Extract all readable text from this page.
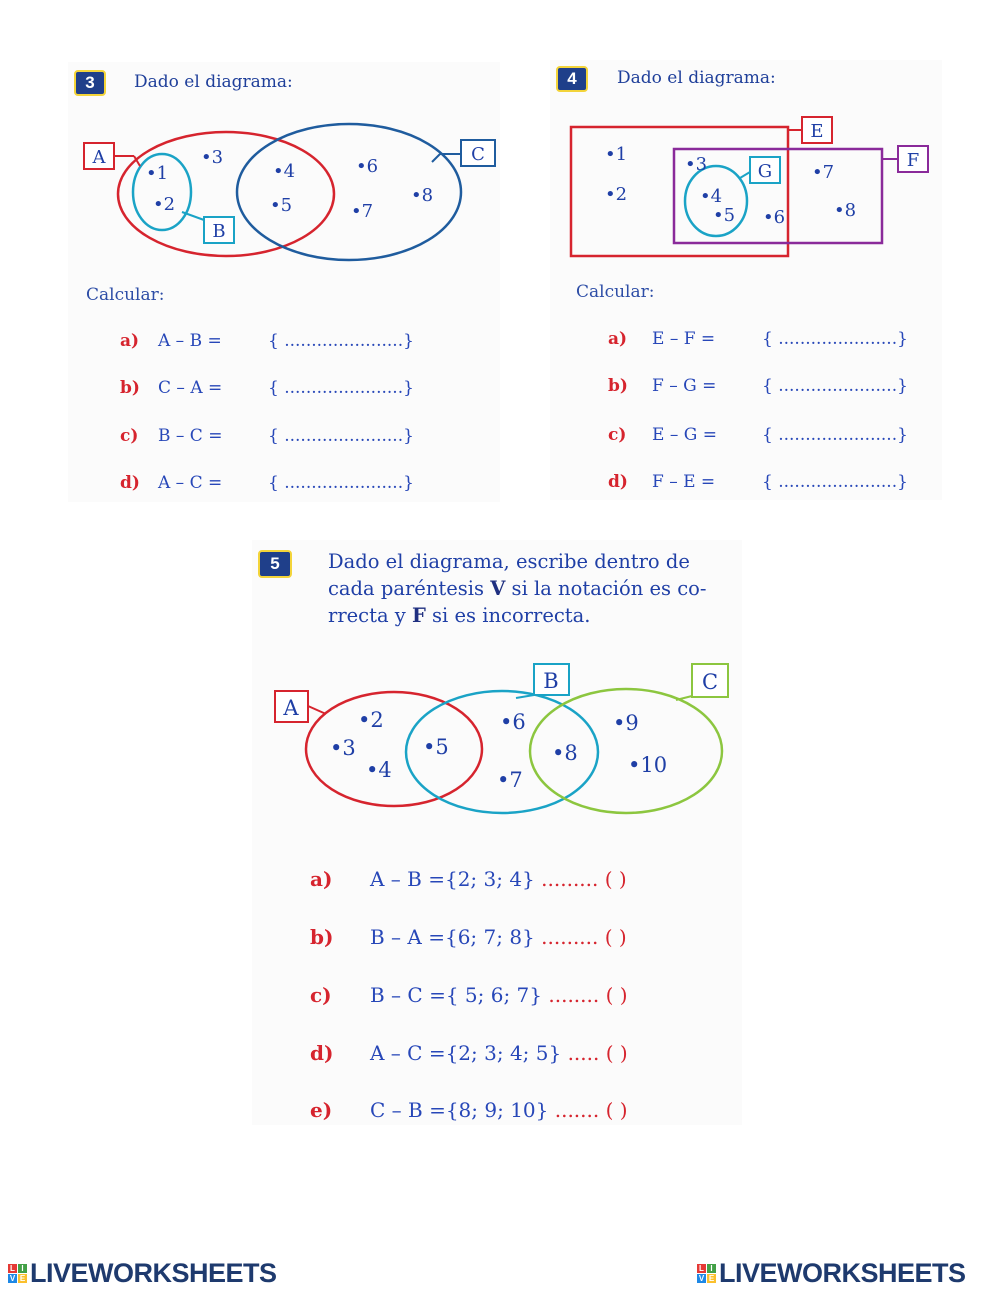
3	Dado el diagrama:
A
B
C
•1
•2
•3
•4
•5
•6
•7
•8
Calcular:
a) A – B =	{ ......................}
b) C – A =	{ ......................}
c) B – C =	{ ......................}
d) A – C =	{ ......................}
4	Dado el diagrama:
E
F
G
•1
•2
•3
•4
•5 •6
•7
•8
Calcular:
a) E – F =	{ ......................}
b) F – G =	{ ......................}
c) E – G =	{ ......................}
d) F – E =	{ ......................}
5	Dado el diagrama, escribe dentro de cada paréntesis V si la notación es correcta y F si es incorrecta.
A
B	C
•2
•3
•4
•5
•6
•7
•8
•9
•10
a) A – B ={2; 3; 4} ......... ( )
b) B – A ={6; 7; 8} ......... ( )
c) B – C ={ 5; 6; 7} ........ ( )
d) A – C ={2; 3; 4; 5} ..... ( )
e) C – B ={8; 9; 10} ....... ( )
L I
V E LIVEWORKSHEETS	L I
V E LIVEWORKSHEETS
